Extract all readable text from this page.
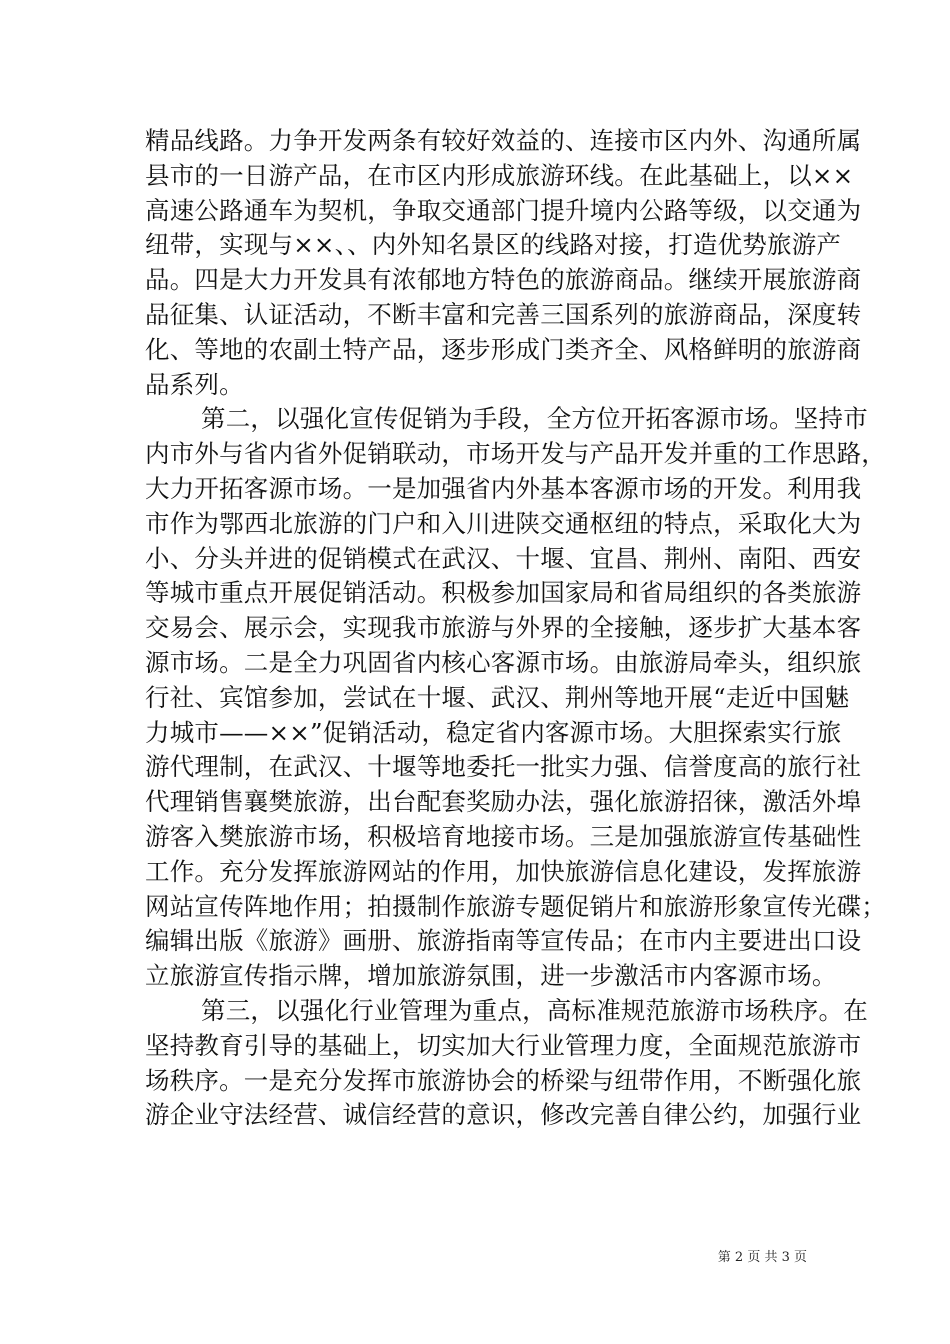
精品线路。力争开发两条有较好效益的、连接市区内外、沟通所属
县市的一日游产品，在市区内形成旅游环线。在此基础上，以××
高速公路通车为契机，争取交通部门提升境内公路等级，以交通为
纽带，实现与××、、内外知名景区的线路对接，打造优势旅游产
品。四是大力开发具有浓郁地方特色的旅游商品。继续开展旅游商
品征集、认证活动，不断丰富和完善三国系列的旅游商品，深度转
化、等地的农副土特产品，逐步形成门类齐全、风格鲜明的旅游商
品系列。
第二，以强化宣传促销为手段，全方位开拓客源市场。坚持市
内市外与省内省外促销联动，市场开发与产品开发并重的工作思路，
大力开拓客源市场。一是加强省内外基本客源市场的开发。利用我
市作为鄂西北旅游的门户和入川进陕交通枢纽的特点，采取化大为
小、分头并进的促销模式在武汉、十堰、宜昌、荆州、南阳、西安
等城市重点开展促销活动。积极参加国家局和省局组织的各类旅游
交易会、展示会，实现我市旅游与外界的全接触，逐步扩大基本客
源市场。二是全力巩固省内核心客源市场。由旅游局牵头，组织旅
行社、宾馆参加，尝试在十堰、武汉、荆州等地开展“走近中国魅
力城市——××”促销活动，稳定省内客源市场。大胆探索实行旅
游代理制，在武汉、十堰等地委托一批实力强、信誉度高的旅行社
代理销售襄樊旅游，出台配套奖励办法，强化旅游招徕，激活外埠
游客入樊旅游市场，积极培育地接市场。三是加强旅游宣传基础性
工作。充分发挥旅游网站的作用，加快旅游信息化建设，发挥旅游
网站宣传阵地作用；拍摄制作旅游专题促销片和旅游形象宣传光碟；
编辑出版《旅游》画册、旅游指南等宣传品；在市内主要进出口设
立旅游宣传指示牌，增加旅游氛围，进一步激活市内客源市场。
第三，以强化行业管理为重点，高标准规范旅游市场秩序。在
坚持教育引导的基础上，切实加大行业管理力度，全面规范旅游市
场秩序。一是充分发挥市旅游协会的桥梁与纽带作用，不断强化旅
游企业守法经营、诚信经营的意识，修改完善自律公约，加强行业
第 2 页 共 3 页
